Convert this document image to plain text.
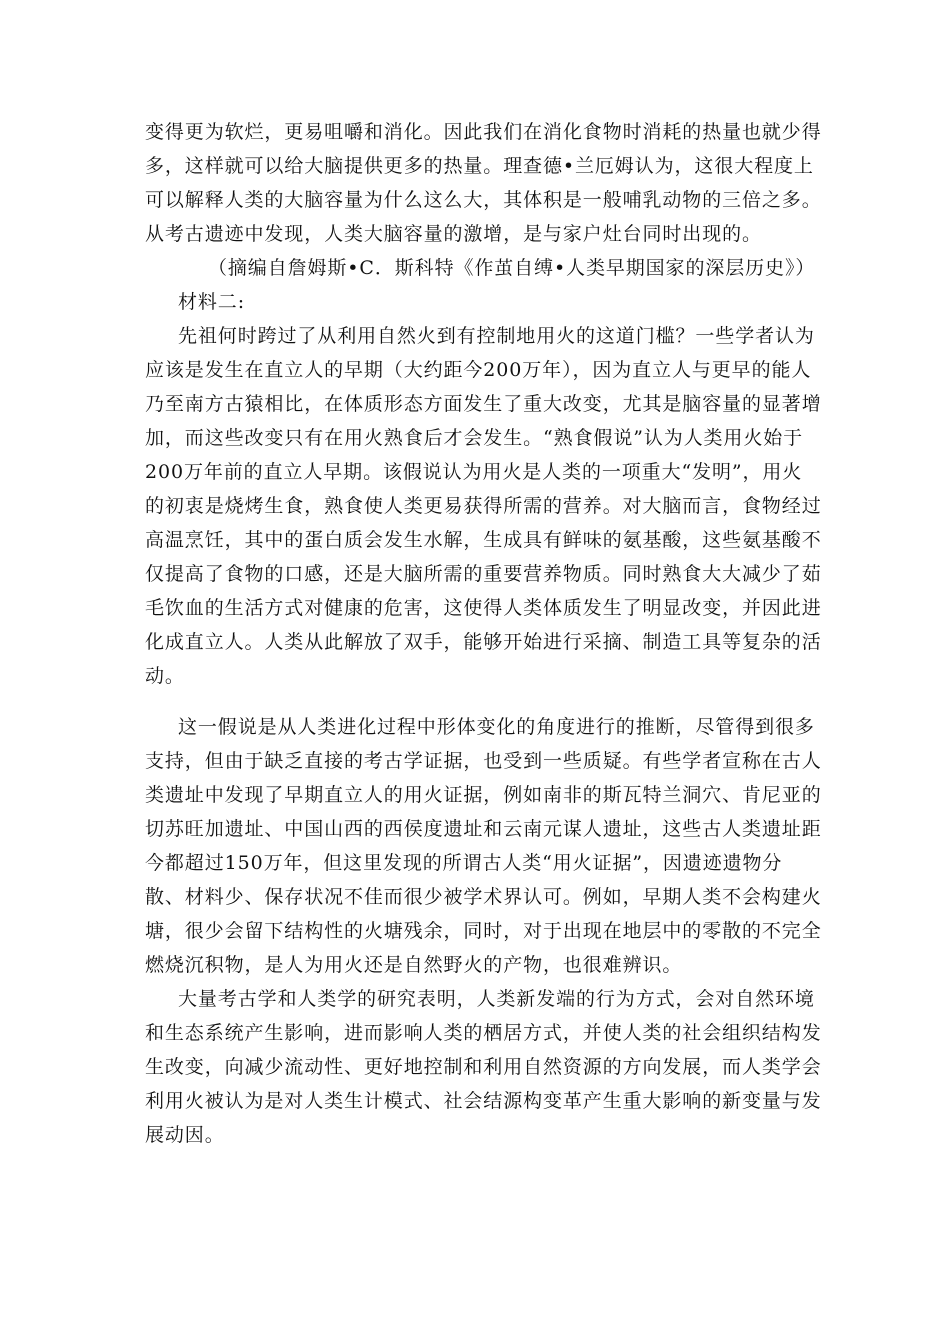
变得更为软烂，更易咀嚼和消化。因此我们在消化食物时消耗的热量也就少得
多，这样就可以给大脑提供更多的热量。理查德•兰厄姆认为，这很大程度上
可以解释人类的大脑容量为什么这么大，其体积是一般哺乳动物的三倍之多。
从考古遗迹中发现，人类大脑容量的激增，是与家户灶台同时出现的。
（摘编自詹姆斯•C．斯科特《作茧自缚•人类早期国家的深层历史》）
材料二:
先祖何时跨过了从利用自然火到有控制地用火的这道门槛？一些学者认为
应该是发生在直立人的早期（大约距今200万年），因为直立人与更早的能人
乃至南方古猿相比，在体质形态方面发生了重大改变，尤其是脑容量的显著增
加，而这些改变只有在用火熟食后才会发生。“熟食假说”认为人类用火始于
200万年前的直立人早期。该假说认为用火是人类的一项重大“发明”，用火
的初衷是烧烤生食，熟食使人类更易获得所需的营养。对大脑而言，食物经过
高温烹饪，其中的蛋白质会发生水解，生成具有鲜味的氨基酸，这些氨基酸不
仅提高了食物的口感，还是大脑所需的重要营养物质。同时熟食大大减少了茹
毛饮血的生活方式对健康的危害，这使得人类体质发生了明显改变，并因此进
化成直立人。人类从此解放了双手，能够开始进行采摘、制造工具等复杂的活
动。
这一假说是从人类进化过程中形体变化的角度进行的推断，尽管得到很多
支持，但由于缺乏直接的考古学证据，也受到一些质疑。有些学者宣称在古人
类遗址中发现了早期直立人的用火证据，例如南非的斯瓦特兰洞穴、肯尼亚的
切苏旺加遗址、中国山西的西侯度遗址和云南元谋人遗址，这些古人类遗址距
今都超过150万年，但这里发现的所谓古人类“用火证据”，因遗迹遗物分
散、材料少、保存状况不佳而很少被学术界认可。例如，早期人类不会构建火
塘，很少会留下结构性的火塘残余，同时，对于出现在地层中的零散的不完全
燃烧沉积物，是人为用火还是自然野火的产物，也很难辨识。
大量考古学和人类学的研究表明，人类新发端的行为方式，会对自然环境
和生态系统产生影响，进而影响人类的栖居方式，并使人类的社会组织结构发
生改变，向减少流动性、更好地控制和利用自然资源的方向发展，而人类学会
利用火被认为是对人类生计模式、社会结源构变革产生重大影响的新变量与发
展动因。
